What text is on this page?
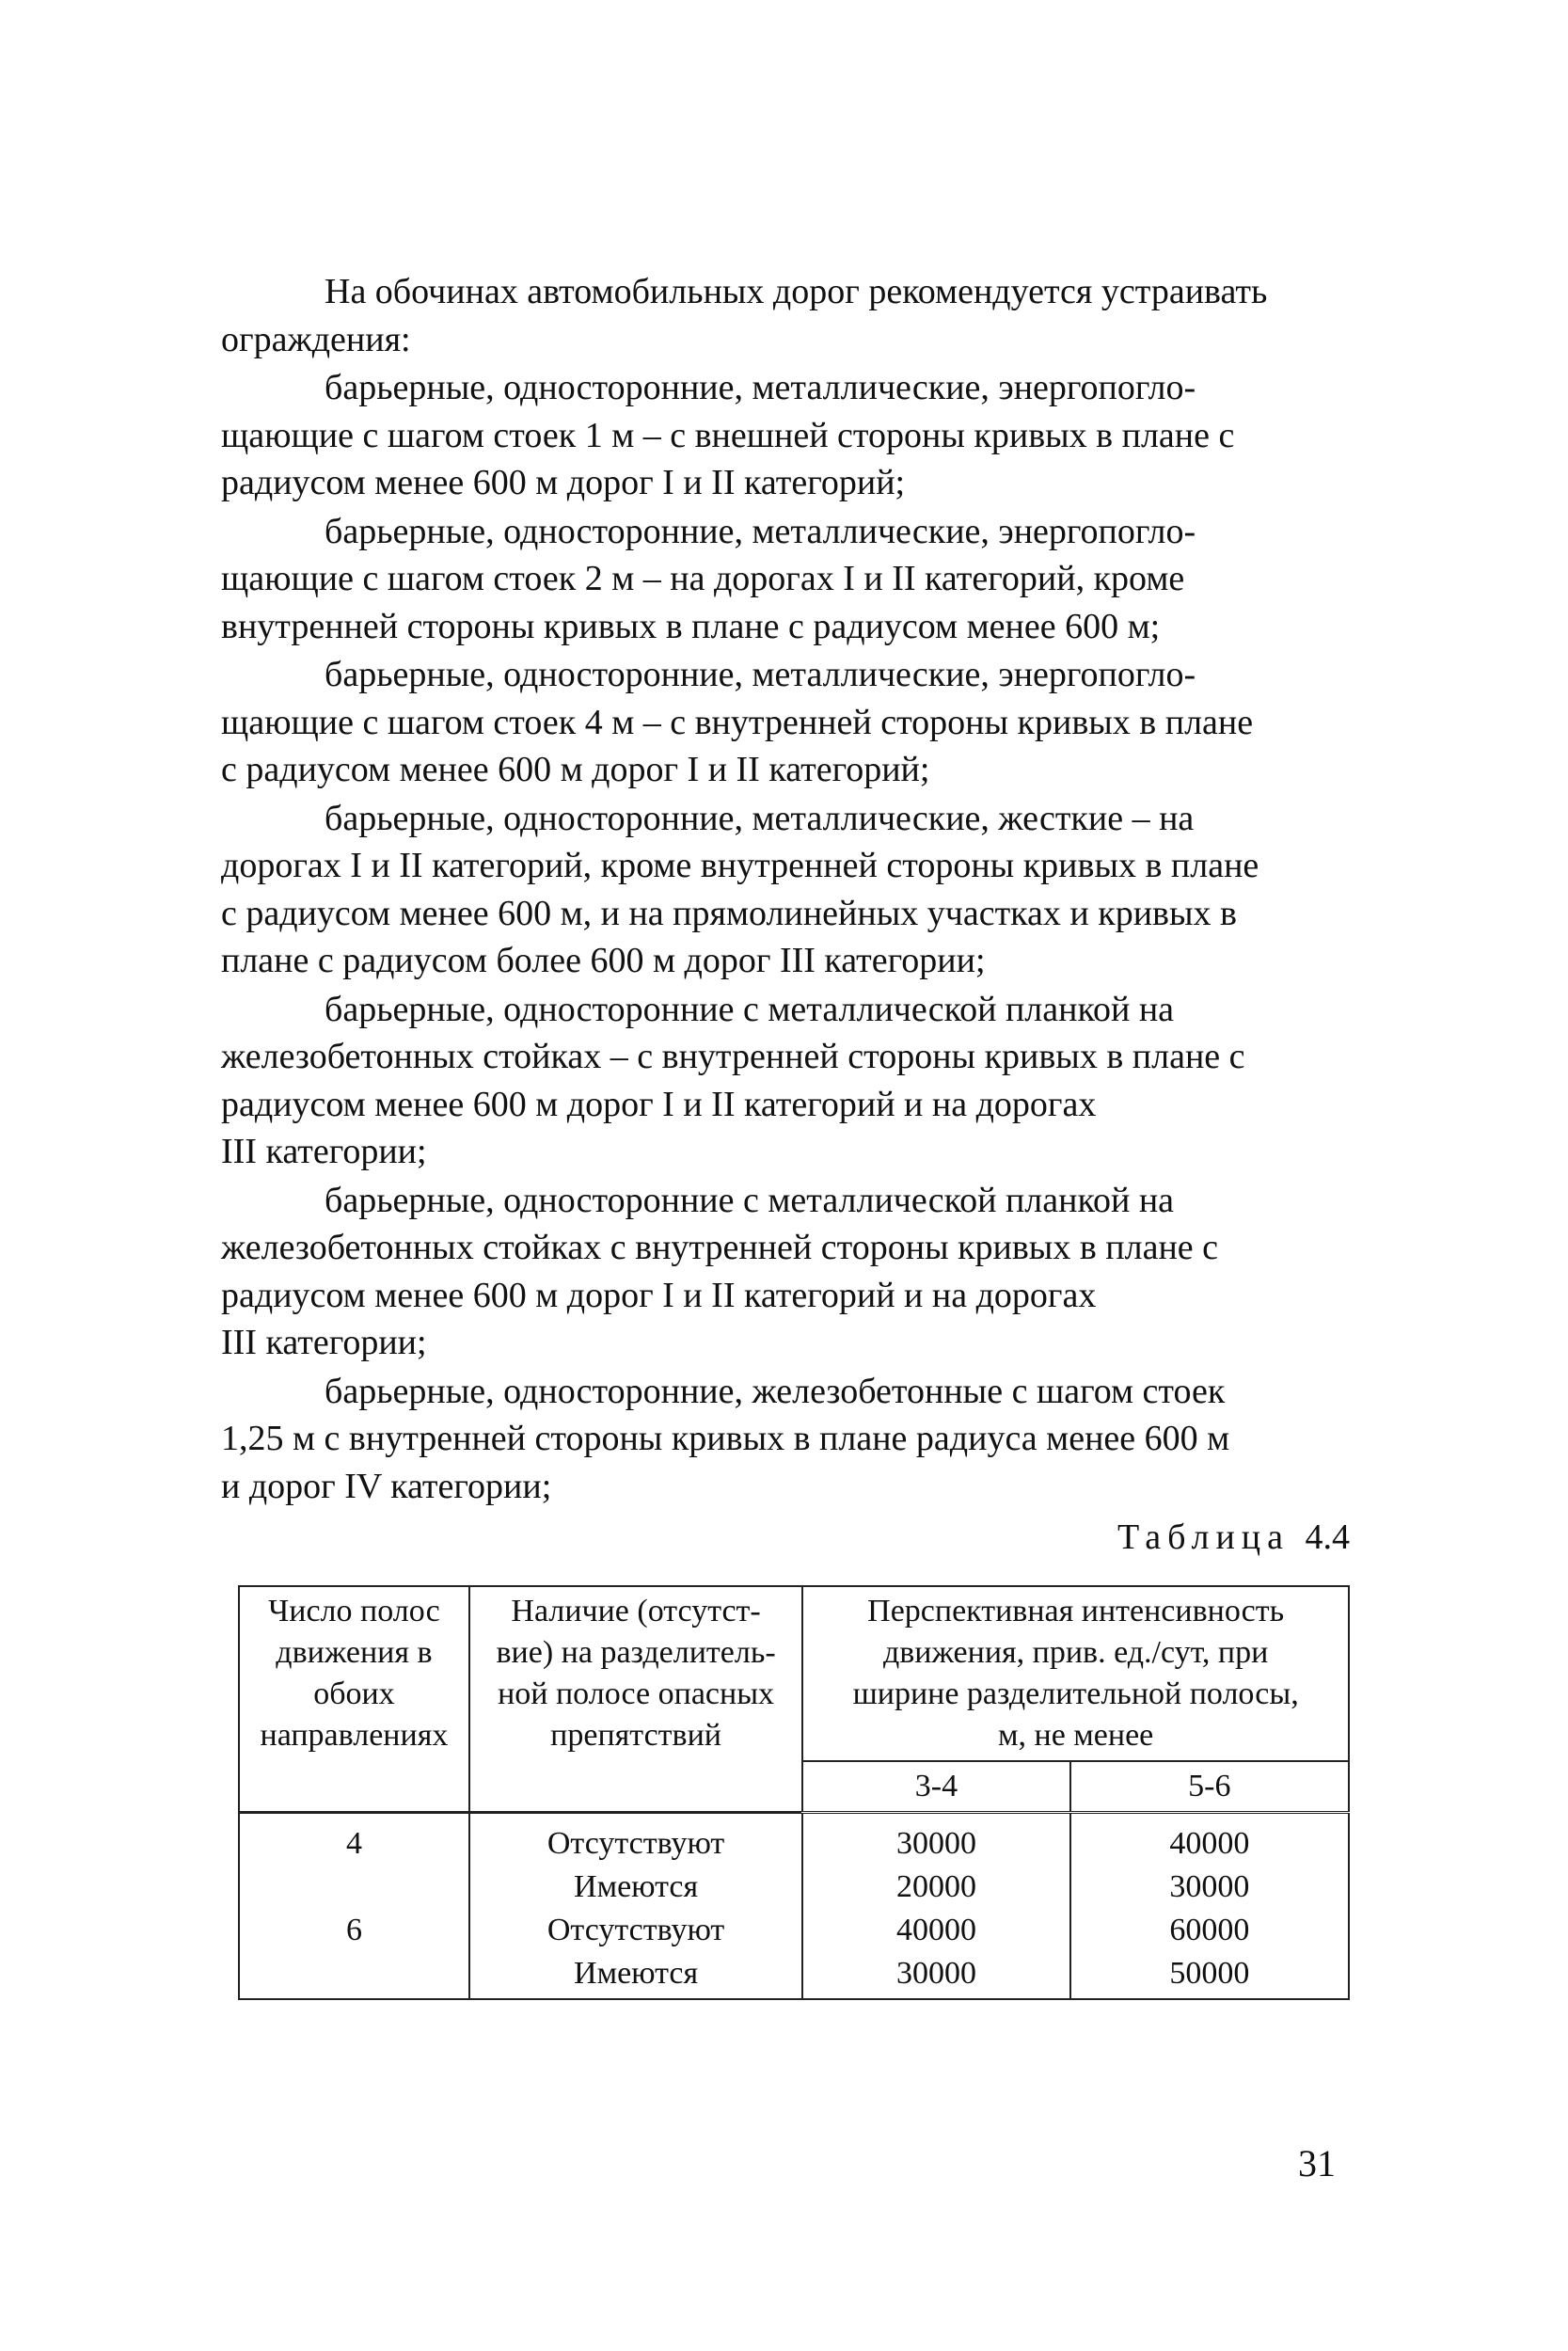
На обочинах автомобильных дорог рекомендуется устраивать
ограждения:

барьерные, односторонние, металлические, энергопогло-
щающие с шагом стоек 1 м – с внешней стороны кривых в плане с
радиусом менее 600 м дорог I и II категорий;

барьерные, односторонние, металлические, энергопогло-
щающие с шагом стоек 2 м – на дорогах I и II категорий, кроме
внутренней стороны кривых в плане с радиусом менее 600 м;

барьерные, односторонние, металлические, энергопогло-
щающие с шагом стоек 4 м – с внутренней стороны кривых в плане
с радиусом менее 600 м дорог I и II категорий;

барьерные, односторонние, металлические, жесткие – на
дорогах I и II категорий, кроме внутренней стороны кривых в плане
с радиусом менее 600 м, и на прямолинейных участках и кривых в
плане с радиусом более 600 м дорог III категории;

барьерные, односторонние с металлической планкой на
железобетонных стойках – с внутренней стороны кривых в плане с
радиусом менее 600 м дорог I и II категорий и на дорогах
III категории;

барьерные, односторонние с металлической планкой на
железобетонных стойках с внутренней стороны кривых в плане с
радиусом менее 600 м дорог I и II категорий и на дорогах
III категории;

барьерные, односторонние, железобетонные с шагом стоек
1,25 м с внутренней стороны кривых в плане радиуса менее 600 м
и дорог IV категории;

Таблица 4.4
Число полос
движения в
обоих
направлениях	Наличие (отсутст-
вие) на разделитель-
ной полосе опасных
препятствий	Перспективная интенсивность
движения, прив. ед./сут, при
ширине разделительной полосы,
м, не менее	

		3-4	5-6
4	Отсутствуют	30000	40000
	Имеются	20000	30000
6	Отсутствуют	40000	60000
	Имеются	30000	50000
31
